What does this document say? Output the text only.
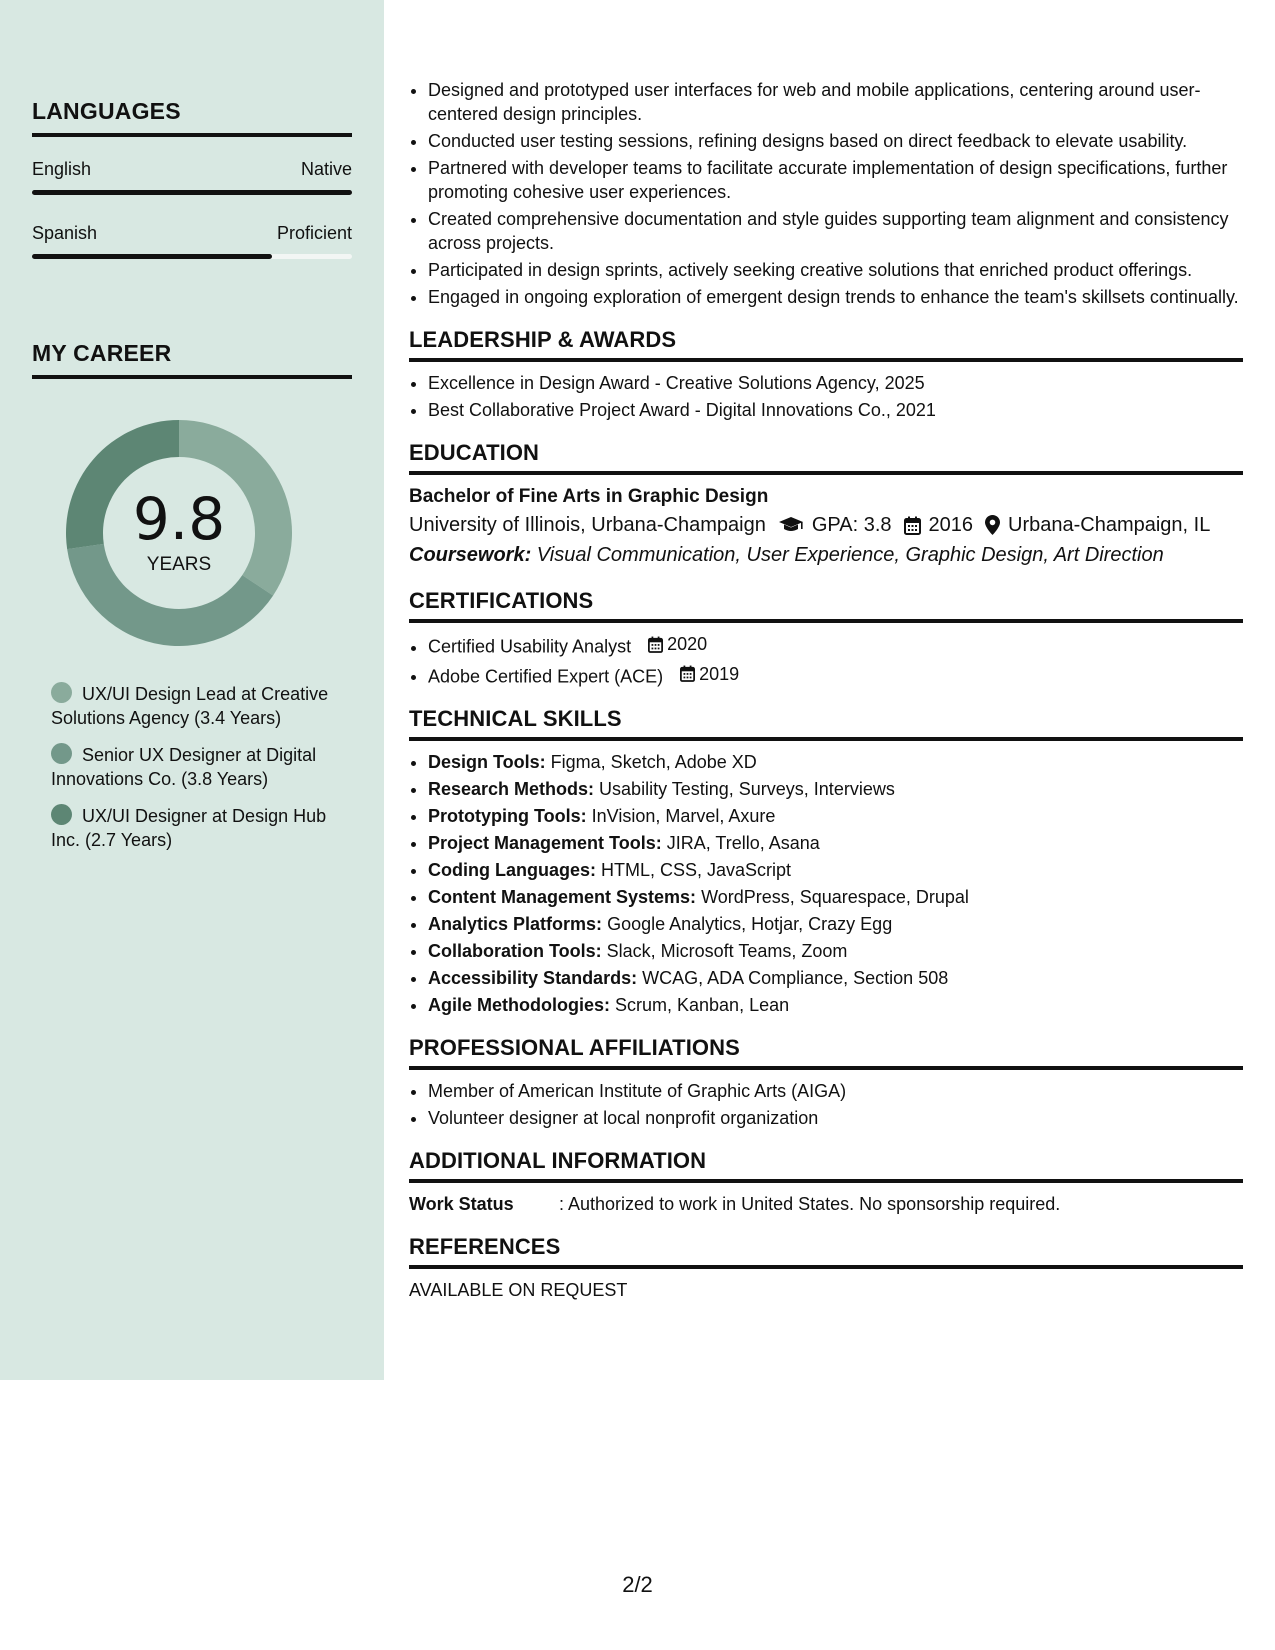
LANGUAGES
English	Native
Spanish	Proficient
MY CAREER
9.8
YEARS
UX/UI Design Lead at Creative Solutions Agency (3.4 Years)
Senior UX Designer at Digital Innovations Co. (3.8 Years)
UX/UI Designer at Design Hub Inc. (2.7 Years)
• Designed and prototyped user interfaces for web and mobile applications, centering around user-centered design principles.
• Conducted user testing sessions, refining designs based on direct feedback to elevate usability.
• Partnered with developer teams to facilitate accurate implementation of design specifications, further promoting cohesive user experiences.
• Created comprehensive documentation and style guides supporting team alignment and consistency across projects.
• Participated in design sprints, actively seeking creative solutions that enriched product offerings.
• Engaged in ongoing exploration of emergent design trends to enhance the team's skillsets continually.
LEADERSHIP & AWARDS
• Excellence in Design Award - Creative Solutions Agency, 2025
• Best Collaborative Project Award - Digital Innovations Co., 2021
EDUCATION
Bachelor of Fine Arts in Graphic Design
University of Illinois, Urbana-Champaign GPA: 3.8 2016 Urbana-Champaign, IL
Coursework: Visual Communication, User Experience, Graphic Design, Art Direction
CERTIFICATIONS
• Certified Usability Analyst 2020
• Adobe Certified Expert (ACE) 2019
TECHNICAL SKILLS
• Design Tools: Figma, Sketch, Adobe XD
• Research Methods: Usability Testing, Surveys, Interviews
• Prototyping Tools: InVision, Marvel, Axure
• Project Management Tools: JIRA, Trello, Asana
• Coding Languages: HTML, CSS, JavaScript
• Content Management Systems: WordPress, Squarespace, Drupal
• Analytics Platforms: Google Analytics, Hotjar, Crazy Egg
• Collaboration Tools: Slack, Microsoft Teams, Zoom
• Accessibility Standards: WCAG, ADA Compliance, Section 508
• Agile Methodologies: Scrum, Kanban, Lean
PROFESSIONAL AFFILIATIONS
• Member of American Institute of Graphic Arts (AIGA)
• Volunteer designer at local nonprofit organization
ADDITIONAL INFORMATION
Work Status	: Authorized to work in United States. No sponsorship required.
REFERENCES
AVAILABLE ON REQUEST
2/2
